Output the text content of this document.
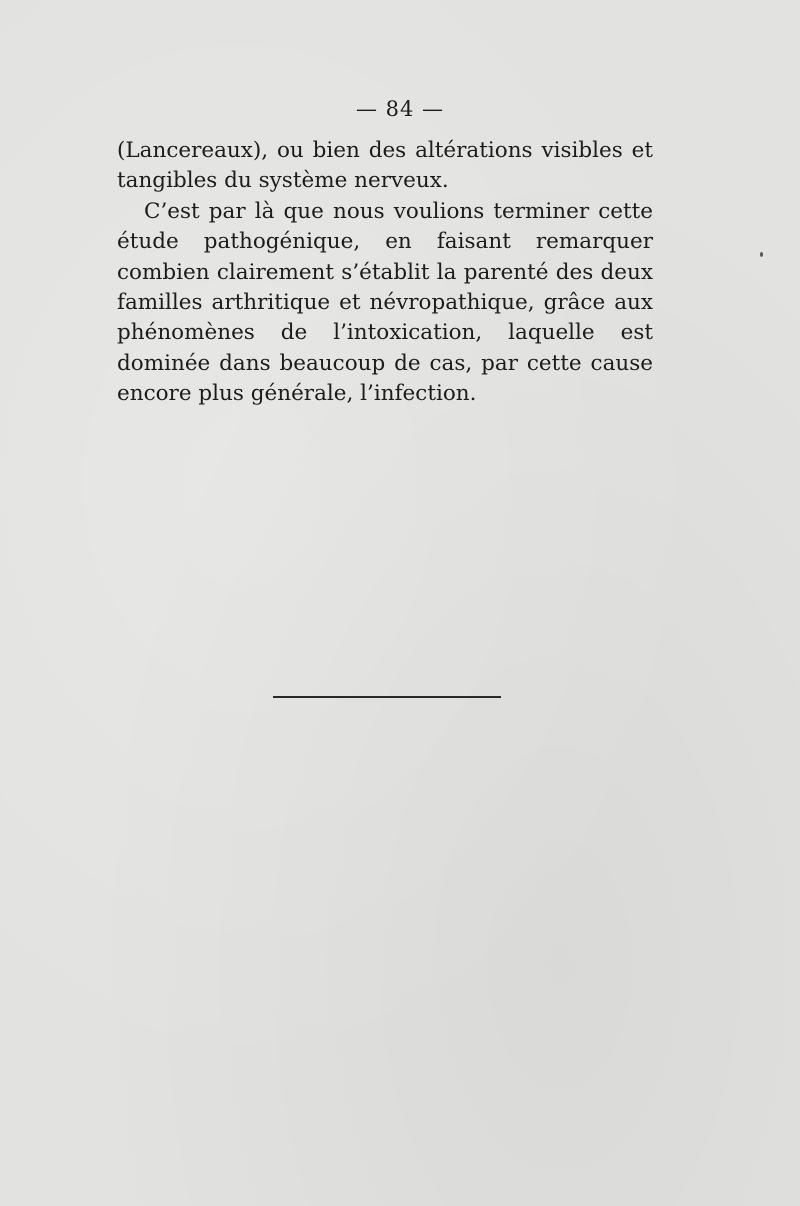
— 84 —

(Lancereaux), ou bien des altérations visibles et tangibles du système nerveux.

C’est par là que nous voulions terminer cette étude pathogénique, en faisant remarquer combien clairement s’établit la parenté des deux familles arthritique et névropathique, grâce aux phénomènes de l’intoxication, laquelle est dominée dans beaucoup de cas, par cette cause encore plus générale, l’infection.
